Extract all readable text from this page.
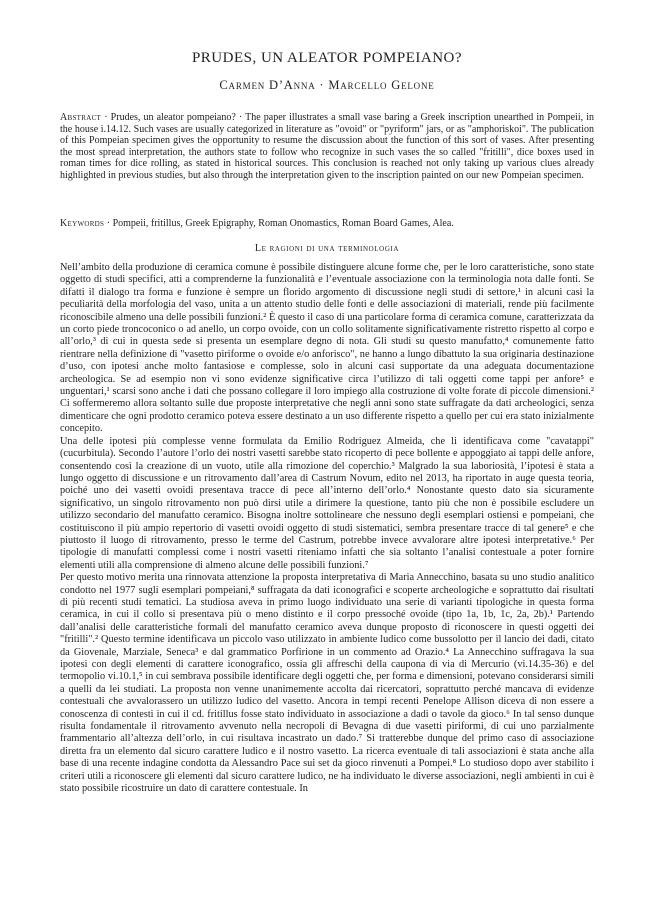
PRUDES, UN ALEATOR POMPEIANO?
Carmen D’Anna · Marcello Gelone
Abstract · Prudes, un aleator pompeiano? · The paper illustrates a small vase baring a Greek inscription unearthed in Pompeii, in the house i.14.12. Such vases are usually categorized in literature as "ovoid" or "pyriform" jars, or as "amphoriskoi". The publication of this Pompeian specimen gives the opportunity to resume the discussion about the function of this sort of vases. After presenting the most spread interpretation, the authors state to follow who recognize in such vases the so called "fritilli", dice boxes used in roman times for dice rolling, as stated in historical sources. This conclusion is reached not only taking up various clues already highlighted in previous studies, but also through the interpretation given to the inscription painted on our new Pompeian specimen.
Keywords · Pompeii, fritillus, Greek Epigraphy, Roman Onomastics, Roman Board Games, Alea.
Le ragioni di una terminologia

Nell’ambito della produzione di ceramica comune è possibile distinguere alcune forme che, per le loro caratteristiche, sono state oggetto di studi specifici, atti a comprenderne la funzionalità e l’eventuale associazione con la terminologia nota dalle fonti. Se difatti il dialogo tra forma e funzione è sempre un florido argomento di discussione negli studi di settore,¹ in alcuni casi la peculiarità della morfologia del vaso, unita a un attento studio delle fonti e delle associazioni di materiali, rende più facilmente riconoscibile almeno una delle possibili funzioni.² È questo il caso di una particolare forma di ceramica comune, caratterizzata da un corto piede troncoconico o ad anello, un corpo ovoide, con un collo solitamente significativamente ristretto rispetto al corpo e all’orlo,³ di cui in questa sede si presenta un esemplare degno di nota. Gli studi su questo manufatto,⁴ comunemente fatto rientrare nella definizione di "vasetto piriforme o ovoide e/o anforisco", ne hanno a lungo dibattuto la sua originaria destinazione d’uso, con ipotesi anche molto fantasiose e complesse, solo in alcuni casi supportate da una adeguata documentazione archeologica. Se ad esempio non vi sono evidenze significative circa l’utilizzo di tali oggetti come tappi per anfore⁵ e unguentari,¹ scarsi sono anche i dati che possano collegare il loro impiego alla costruzione di volte forate di piccole dimensioni.² Ci soffermeremo allora soltanto sulle due proposte interpretative che negli anni sono state suffragate da dati archeologici, senza dimenticare che ogni prodotto ceramico poteva essere destinato a un uso differente rispetto a quello per cui era stato inizialmente concepito.

Una delle ipotesi più complesse venne formulata da Emilio Rodriguez Almeida, che li identificava come "cavatappi" (cucurbitula). Secondo l’autore l’orlo dei nostri vasetti sarebbe stato ricoperto di pece bollente e appoggiato ai tappi delle anfore, consentendo così la creazione di un vuoto, utile alla rimozione del coperchio.³ Malgrado la sua laboriosità, l’ipotesi è stata a lungo oggetto di discussione e un ritrovamento dall’area di Castrum Novum, edito nel 2013, ha riportato in auge questa teoria, poiché uno dei vasetti ovoidi presentava tracce di pece all’interno dell’orlo.⁴ Nonostante questo dato sia sicuramente significativo, un singolo ritrovamento non può dirsi utile a dirimere la questione, tanto più che non è possibile escludere un utilizzo secondario del manufatto ceramico. Bisogna inoltre sottolineare che nessuno degli esemplari ostiensi e pompeiani, che costituiscono il più ampio repertorio di vasetti ovoidi oggetto di studi sistematici, sembra presentare tracce di tal genere⁵ e che piuttosto il luogo di ritrovamento, presso le terme del Castrum, potrebbe invece avvalorare altre ipotesi interpretative.⁶ Per tipologie di manufatti complessi come i nostri vasetti riteniamo infatti che sia soltanto l’analisi contestuale a poter fornire elementi utili alla comprensione di almeno alcune delle possibili funzioni.⁷

Per questo motivo merita una rinnovata attenzione la proposta interpretativa di Maria Annecchino, basata su uno studio analitico condotto nel 1977 sugli esemplari pompeiani,⁸ suffragata da dati iconografici e scoperte archeologiche e soprattutto dai risultati di più recenti studi tematici. La studiosa aveva in primo luogo individuato una serie di varianti tipologiche in questa forma ceramica, in cui il collo si presentava più o meno distinto e il corpo pressoché ovoide (tipo 1a, 1b, 1c, 2a, 2b).¹ Partendo dall’analisi delle caratteristiche formali del manufatto ceramico aveva dunque proposto di riconoscere in questi oggetti dei "fritilli".² Questo termine identificava un piccolo vaso utilizzato in ambiente ludico come bussolotto per il lancio dei dadi, citato da Giovenale, Marziale, Seneca³ e dal grammatico Porfirione in un commento ad Orazio.⁴ La Annecchino suffragava la sua ipotesi con degli elementi di carattere iconografico, ossia gli affreschi della caupona di via di Mercurio (vi.14.35-36) e del termopolio vi.10.1,⁵ in cui sembrava possibile identificare degli oggetti che, per forma e dimensioni, potevano considerarsi simili a quelli da lei studiati. La proposta non venne unanimemente accolta dai ricercatori, soprattutto perché mancava di evidenze contestuali che avvalorassero un utilizzo ludico del vasetto. Ancora in tempi recenti Penelope Allison diceva di non essere a conoscenza di contesti in cui il cd. fritillus fosse stato individuato in associazione a dadi o tavole da gioco.⁶ In tal senso dunque risulta fondamentale il ritrovamento avvenuto nella necropoli di Bevagna di due vasetti piriformi, di cui uno parzialmente frammentario all’altezza dell’orlo, in cui risultava incastrato un dado.⁷ Si tratterebbe dunque del primo caso di associazione diretta fra un elemento dal sicuro carattere ludico e il nostro vasetto. La ricerca eventuale di tali associazioni è stata anche alla base di una recente indagine condotta da Alessandro Pace sui set da gioco rinvenuti a Pompei.⁸ Lo studioso dopo aver stabilito i criteri utili a riconoscere gli elementi dal sicuro carattere ludico, ne ha individuato le diverse associazioni, negli ambienti in cui è stato possibile ricostruire un dato di carattere contestuale. In
